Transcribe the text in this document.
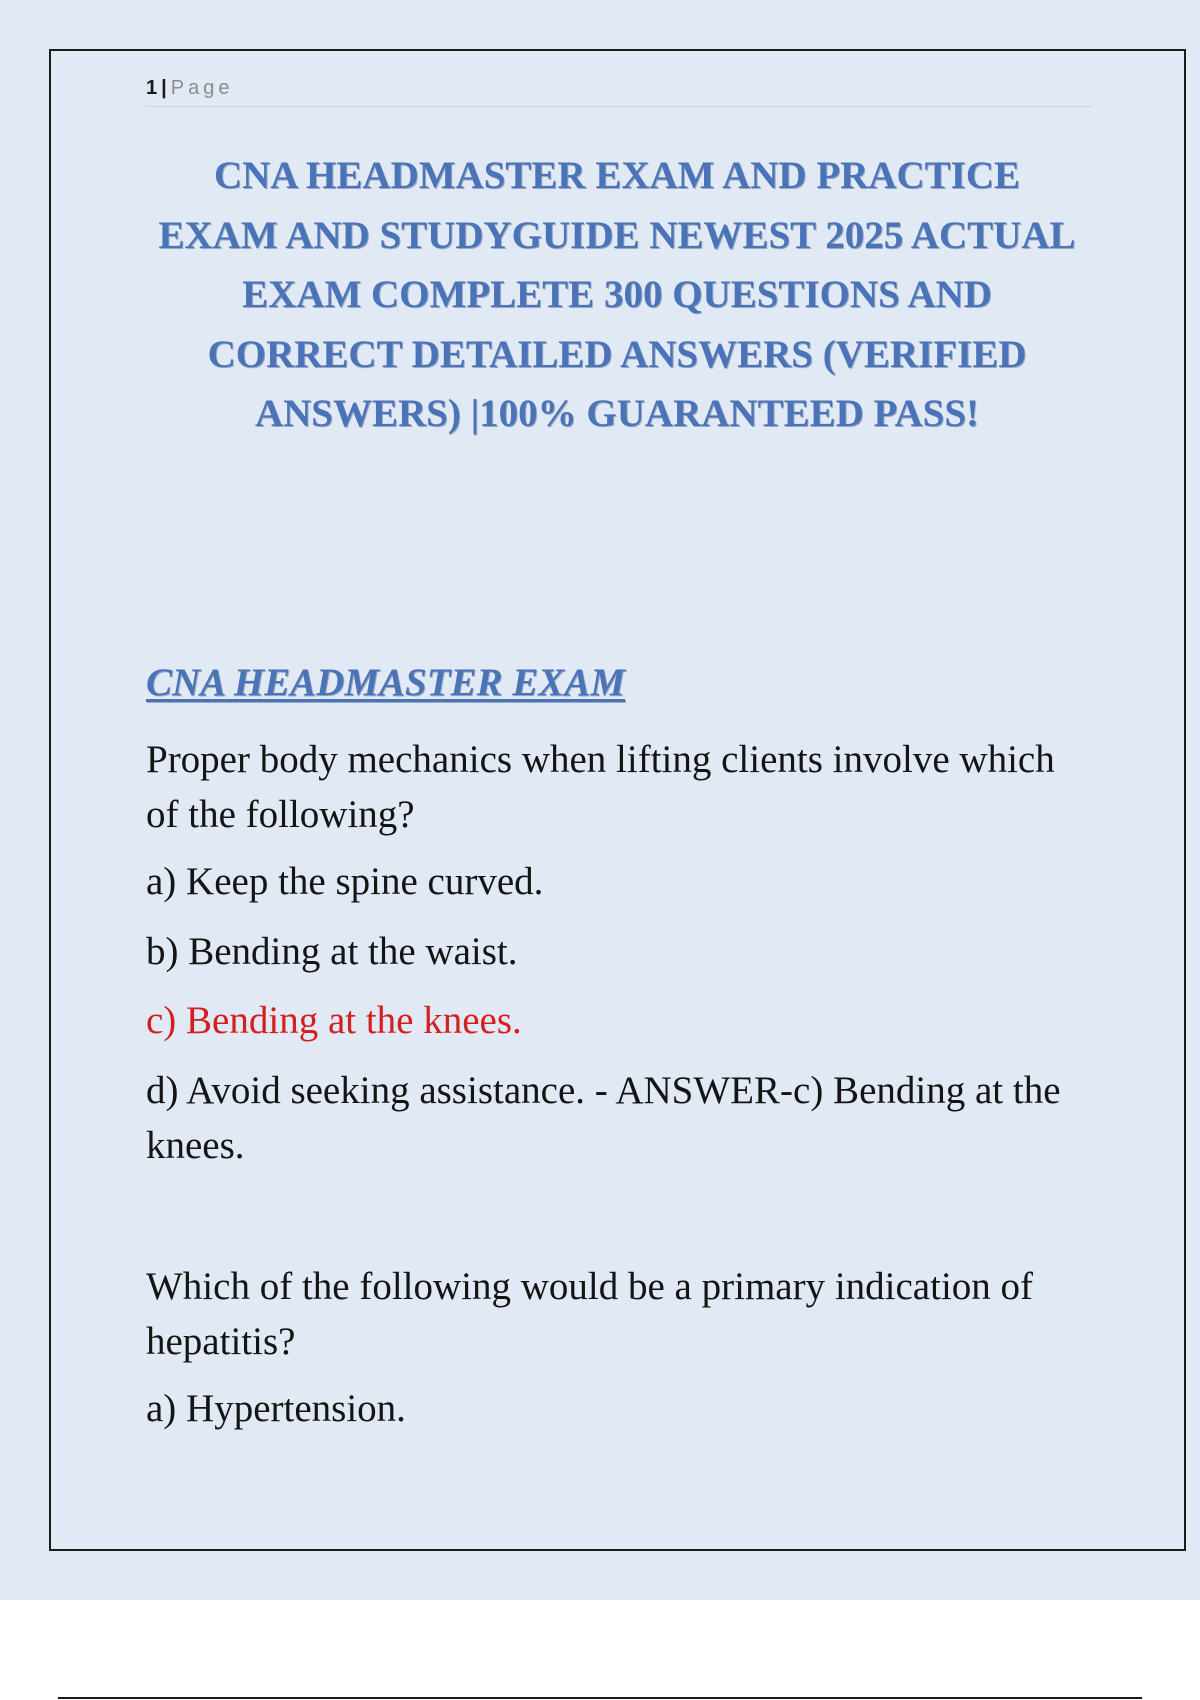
1 | Page
CNA HEADMASTER EXAM AND PRACTICE EXAM AND STUDYGUIDE NEWEST 2025 ACTUAL EXAM COMPLETE 300 QUESTIONS AND CORRECT DETAILED ANSWERS (VERIFIED ANSWERS) |100% GUARANTEED PASS!
CNA HEADMASTER EXAM

Proper body mechanics when lifting clients involve which of the following?

a) Keep the spine curved.

b) Bending at the waist.

c) Bending at the knees.

d) Avoid seeking assistance. - ANSWER-c) Bending at the knees.

Which of the following would be a primary indication of hepatitis?

a) Hypertension.
